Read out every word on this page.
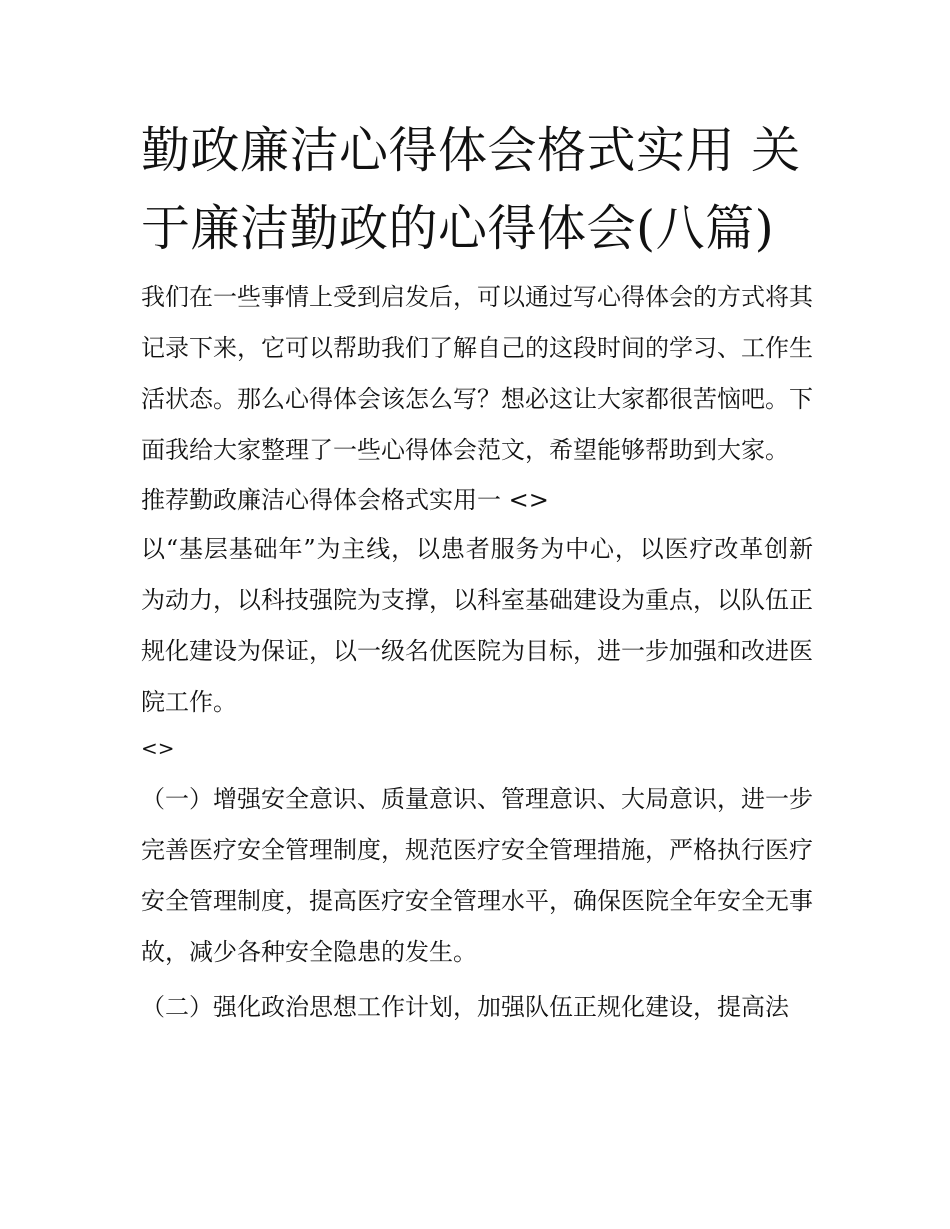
勤政廉洁心得体会格式实用 关于廉洁勤政的心得体会(八篇)

我们在一些事情上受到启发后，可以通过写心得体会的方式将其记录下来，它可以帮助我们了解自己的这段时间的学习、工作生活状态。那么心得体会该怎么写？想必这让大家都很苦恼吧。下面我给大家整理了一些心得体会范文，希望能够帮助到大家。

推荐勤政廉洁心得体会格式实用一 <>

以“基层基础年”为主线，以患者服务为中心，以医疗改革创新为动力，以科技强院为支撑，以科室基础建设为重点，以队伍正规化建设为保证，以一级名优医院为目标，进一步加强和改进医院工作。

<>

（一）增强安全意识、质量意识、管理意识、大局意识，进一步完善医疗安全管理制度，规范医疗安全管理措施，严格执行医疗安全管理制度，提高医疗安全管理水平，确保医院全年安全无事故，减少各种安全隐患的发生。

（二）强化政治思想工作计划，加强队伍正规化建设，提高法
